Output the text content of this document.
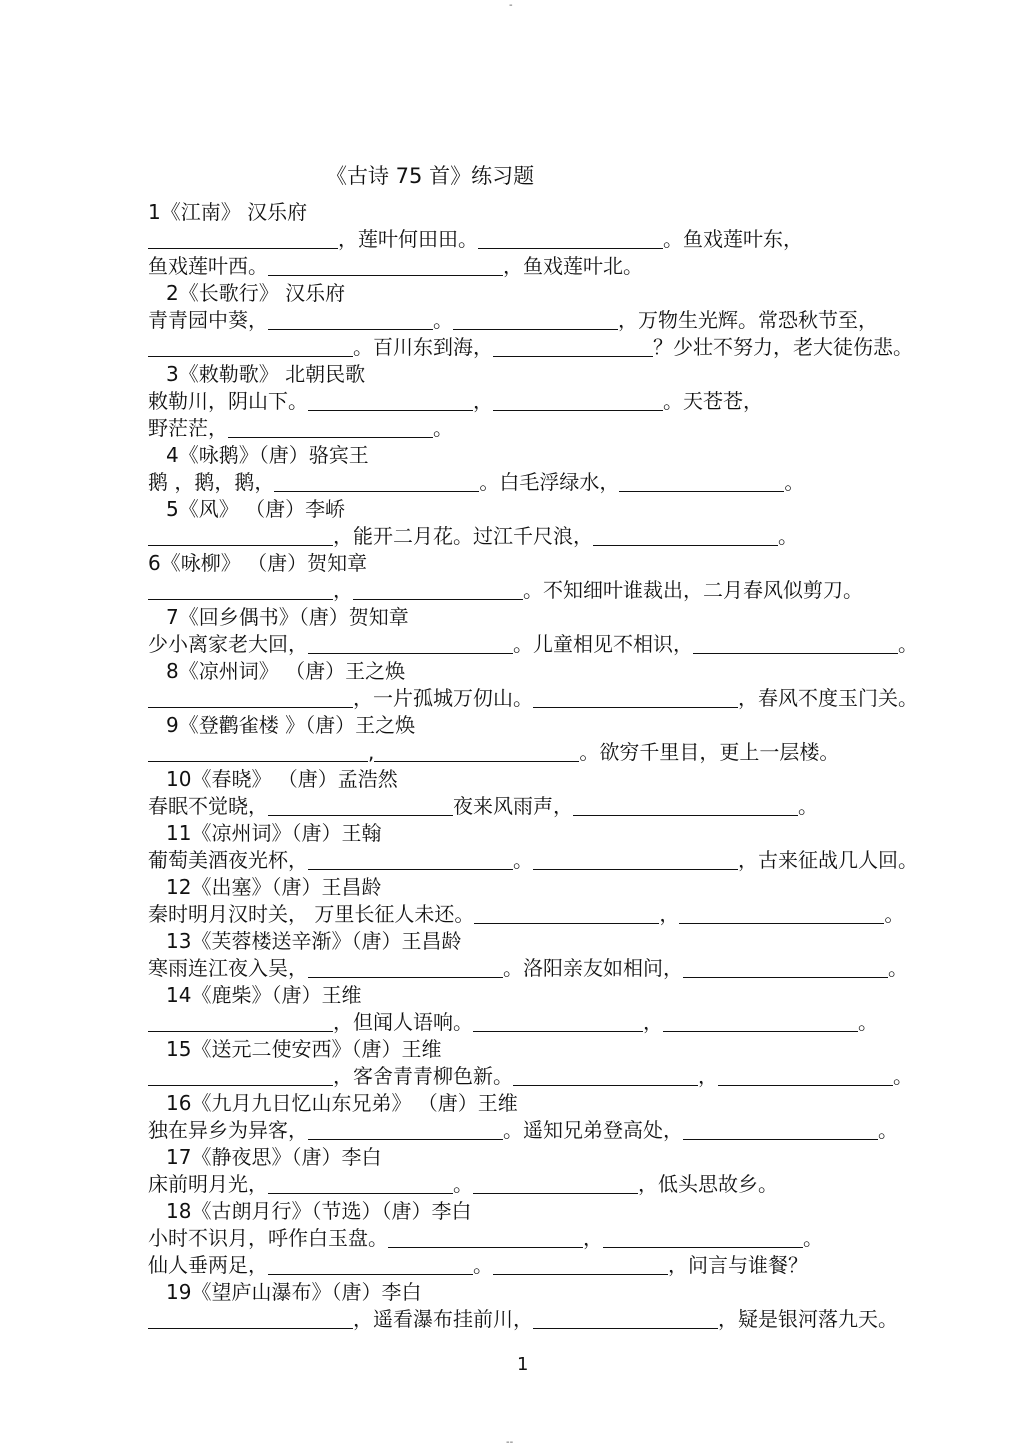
-
《古诗 75 首》练习题
1《江南》 汉乐府
，莲叶何田田。	。鱼戏莲叶东，
鱼戏莲叶西。	，鱼戏莲叶北。
2《长歌行》 汉乐府
青青园中葵，	。	，万物生光辉。常恐秋节至，
。百川东到海，	？少壮不努力，老大徒伤悲。
3《敕勒歌》 北朝民歌
敕勒川，阴山下。	，	。天苍苍，
野茫茫，	。
4《咏鹅》（唐）骆宾王
鹅 ，鹅，鹅，	。白毛浮绿水，	。
5《风》 （唐）李峤
，能开二月花。过江千尺浪，	。
6《咏柳》 （唐）贺知章
，	。不知细叶谁裁出，二月春风似剪刀。
7《回乡偶书》（唐）贺知章
少小离家老大回，	。儿童相见不相识，	。
8《凉州词》 （唐）王之焕
，一片孤城万仞山。	，春风不度玉门关。
9《登鹳雀楼 》（唐）王之焕
,	。欲穷千里目，更上一层楼。
10《春晓》 （唐）孟浩然
春眠不觉晓，	夜来风雨声，	。
11《凉州词》（唐）王翰
葡萄美酒夜光杯，	。	，古来征战几人回。
12《出塞》（唐）王昌龄
秦时明月汉时关， 万里长征人未还。	，	。
13《芙蓉楼送辛渐》（唐）王昌龄
寒雨连江夜入吴，	。洛阳亲友如相问，	。
14《鹿柴》（唐）王维
，但闻人语响。	，	。
15《送元二使安西》（唐）王维
，客舍青青柳色新。	，	。
16《九月九日忆山东兄弟》 （唐）王维
独在异乡为异客，	。遥知兄弟登高处，	。
17《静夜思》（唐）李白
床前明月光，	。	，低头思故乡。
18《古朗月行》（节选）（唐）李白
小时不识月，呼作白玉盘。	，	。
仙人垂两足，	。	，问言与谁餐？
19《望庐山瀑布》（唐）李白
，遥看瀑布挂前川，	，疑是银河落九天。
1
--
